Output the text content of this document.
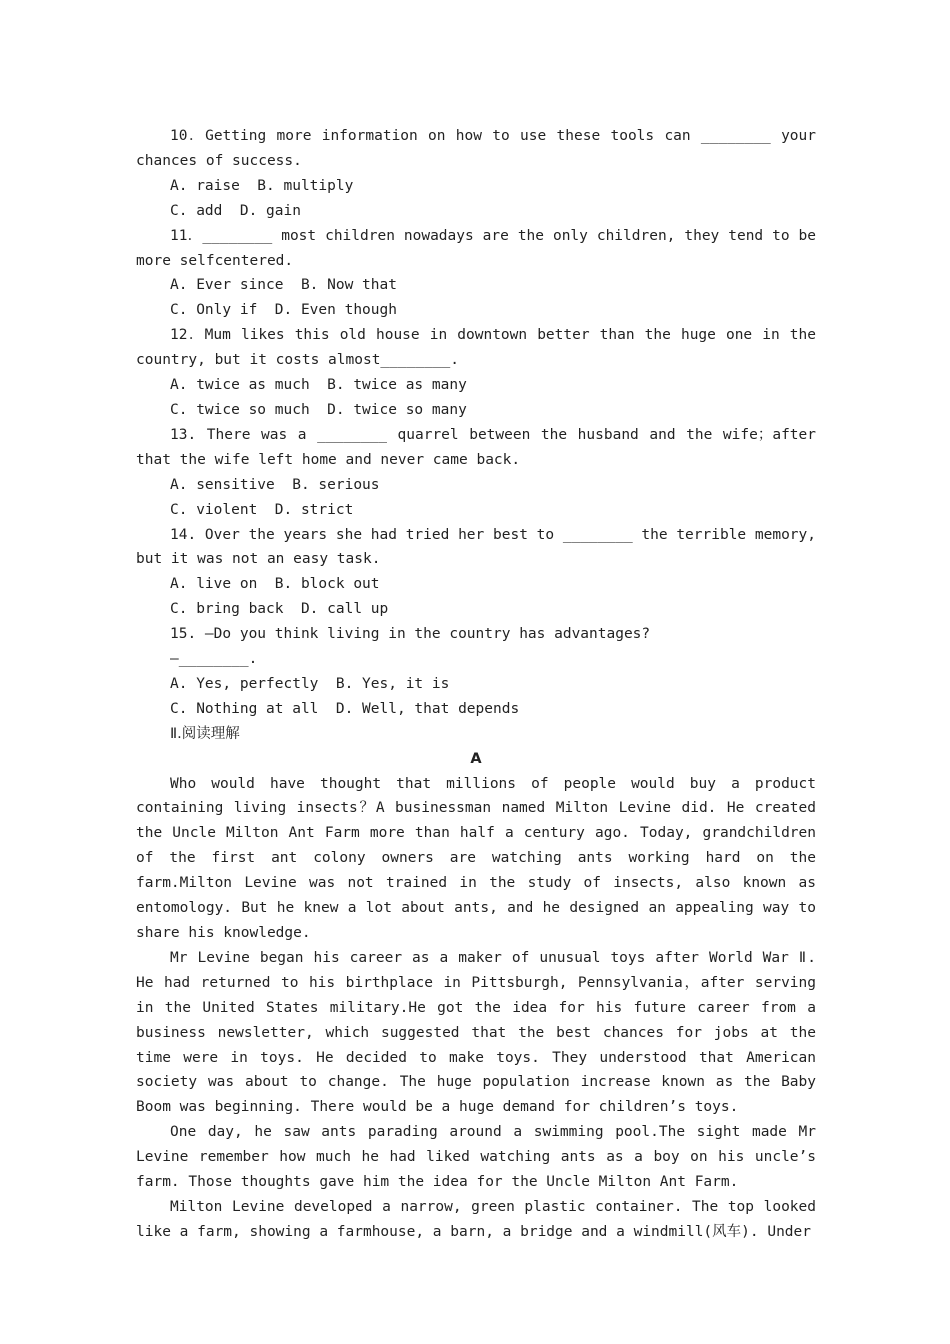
10．Getting more information on how to use these tools can ________ your chances of success.

A. raise  B. multiply

C. add  D. gain

11．________ most children nowadays are the only children, they tend to be more selfcentered.

A. Ever since  B. Now that

C. Only if  D. Even though

12．Mum likes this old house in downtown better than the huge one in the country, but it costs almost________.

A. twice as much  B. twice as many

C. twice so much  D. twice so many

13. There was a ________ quarrel between the husband and the wife；after that the wife left home and never came back.

A. sensitive  B. serious

C. violent  D. strict

14. Over the years she had tried her best to ________ the terrible memory, but it was not an easy task.

A. live on  B. block out

C. bring back  D. call up

15. —Do you think living in the country has advantages?

—________.

A. Yes, perfectly  B. Yes, it is

C. Nothing at all  D. Well, that depends

Ⅱ.阅读理解

A

Who would have thought that millions of people would buy a product containing living insects？A businessman named Milton Levine did. He created the Uncle Milton Ant Farm more than half a century ago. Today, grandchildren of the first ant colony owners are watching ants working hard on the farm.Milton Levine was not trained in the study of insects, also known as entomology. But he knew a lot about ants, and he designed an appealing way to share his knowledge.

Mr Levine began his career as a maker of unusual toys after World War Ⅱ. He had returned to his birthplace in Pittsburgh, Pennsylvania，after serving in the United States military.He got the idea for his future career from a business newsletter, which suggested that the best chances for jobs at the time were in toys. He decided to make toys. They understood that American society was about to change. The huge population increase known as the Baby Boom was beginning. There would be a huge demand for children’s toys.

One day, he saw ants parading around a swimming pool.The sight made Mr Levine remember how much he had liked watching ants as a boy on his uncle’s farm. Those thoughts gave him the idea for the Uncle Milton Ant Farm.

Milton Levine developed a narrow, green plastic container. The top looked like a farm, showing a farmhouse, a barn, a bridge and a windmill(风车). Under
